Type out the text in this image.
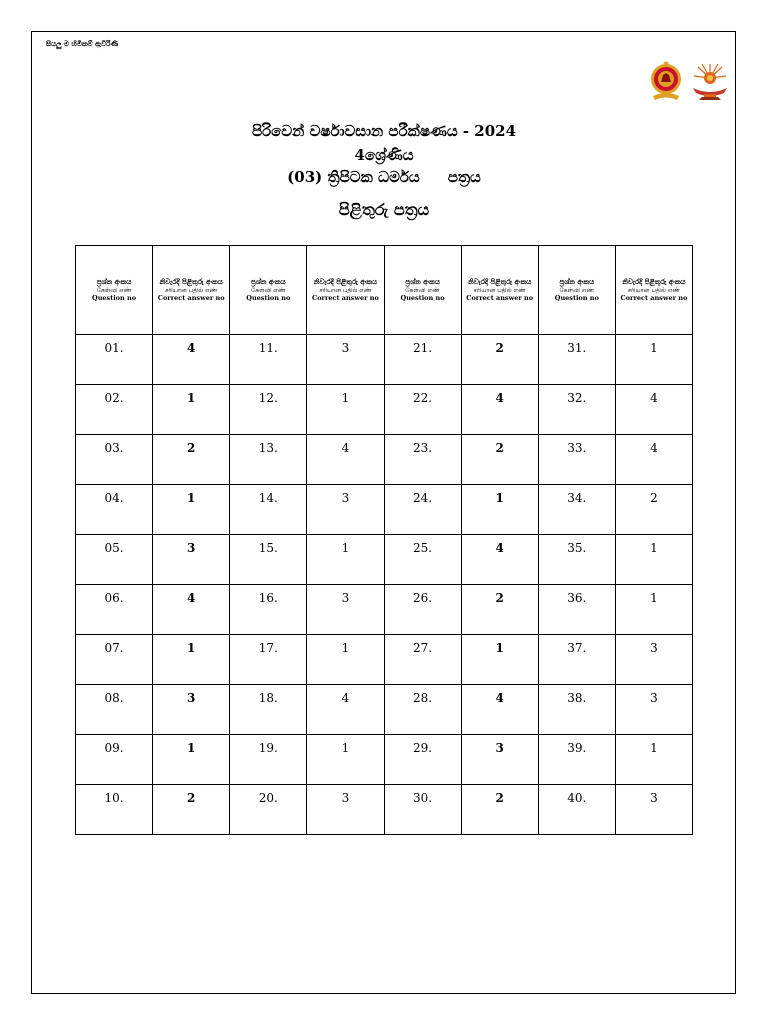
සියලු ම හිමිකම් ඇවිරිණි
පිරිවෙන් වර්ෂාවසාන පරීක්ෂණය - 2024
4ශ්‍රේණිය
(03) ත්‍රිපිටක ධර්මය පත්‍රය
පිළිතුරු පත්‍රය
ප්‍රශ්න අංකය
கேள்வி எண்
Question no	නිවැරදි පිළිතුරු අංකය
சரியான பதில் எண்
Correct answer no	ප්‍රශ්න අංකය
கேள்வி எண்
Question no	නිවැරදි පිළිතුරු අංකය
சரியான பதில் எண்
Correct answer no	ප්‍රශ්න අංකය
கேள்வி எண்
Question no	නිවැරදි පිළිතුරු අංකය
சரியான பதில் எண்
Correct answer no	ප්‍රශ්න අංකය
கேள்வி எண்
Question no	නිවැරදි පිළිතුරු අංකය
சரியான பதில் எண்
Correct answer no

01.	4	11.	3	21.	2	31.	1
02.	1	12.	1	22.	4	32.	4
03.	2	13.	4	23.	2	33.	4
04.	1	14.	3	24.	1	34.	2
05.	3	15.	1	25.	4	35.	1
06.	4	16.	3	26.	2	36.	1
07.	1	17.	1	27.	1	37.	3
08.	3	18.	4	28.	4	38.	3
09.	1	19.	1	29.	3	39.	1
10.	2	20.	3	30.	2	40.	3
